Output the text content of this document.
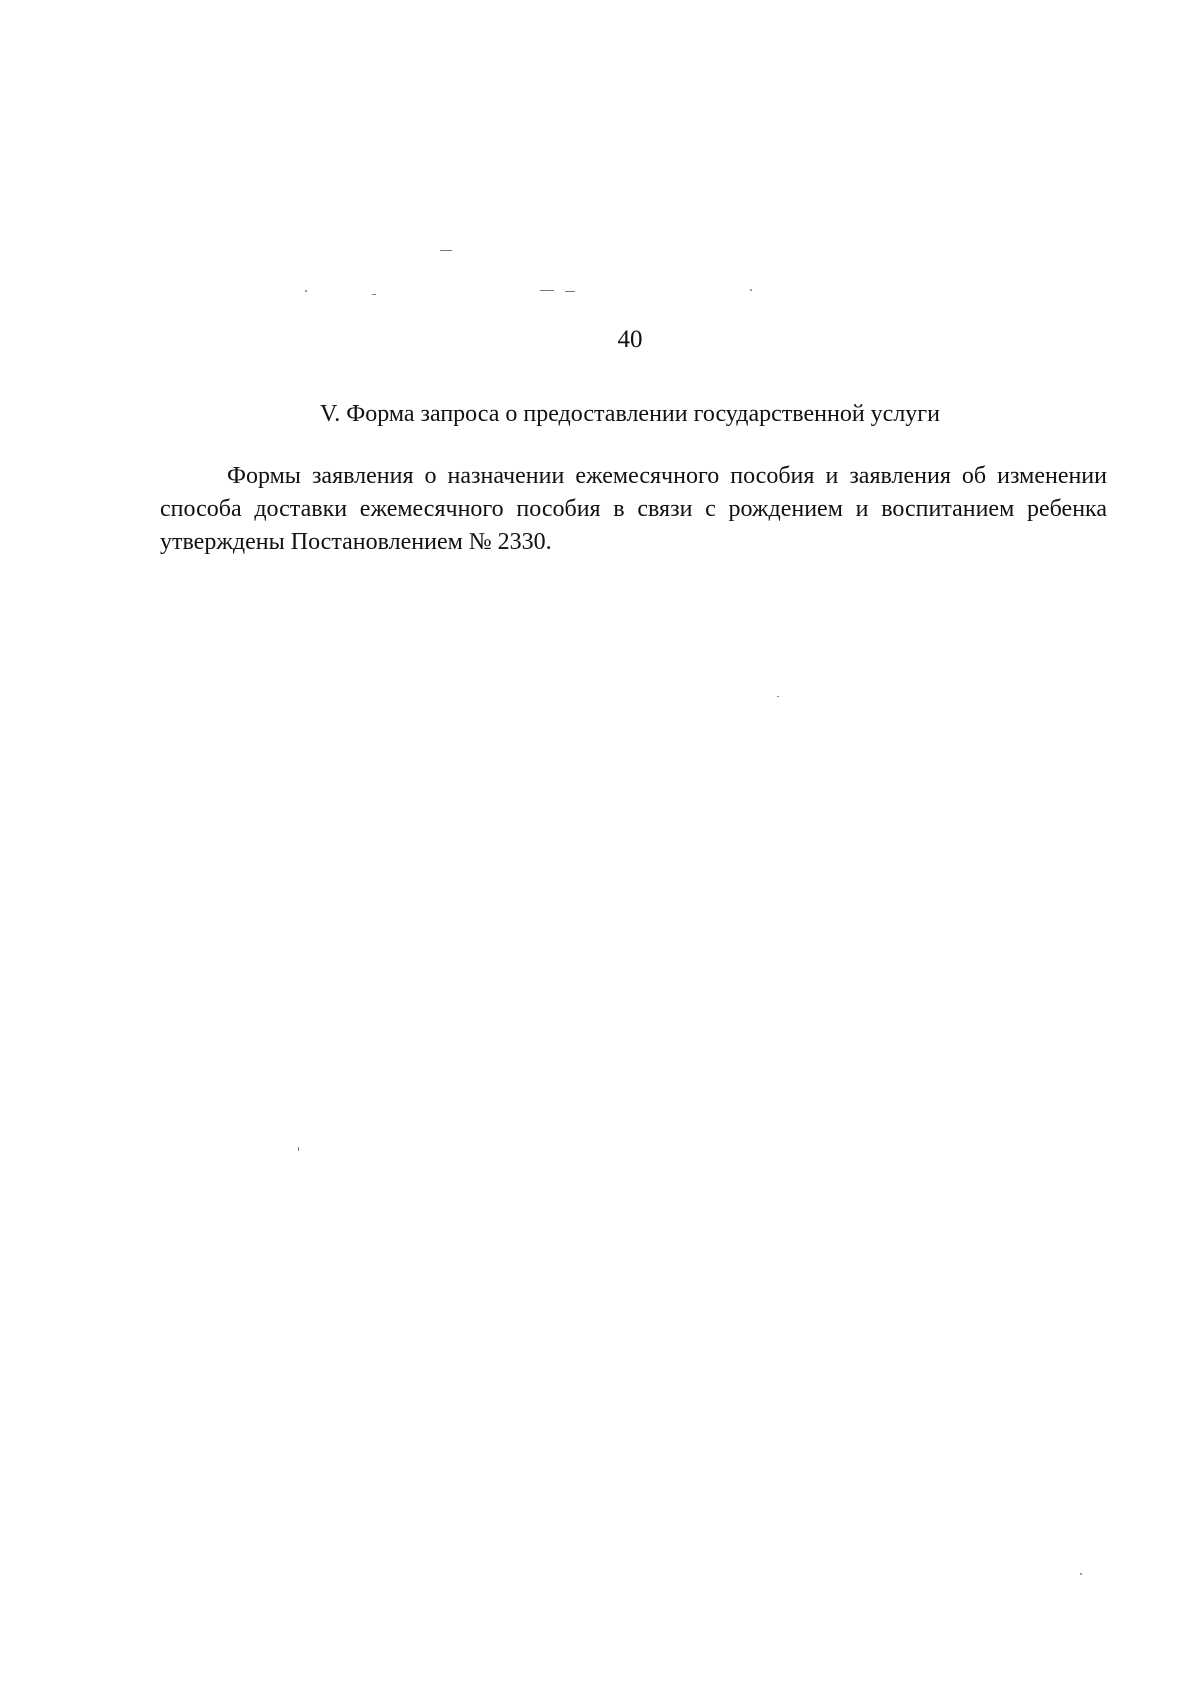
40
V. Форма запроса о предоставлении государственной услуги

Формы заявления о назначении ежемесячного пособия и заявления об изменении способа доставки ежемесячного пособия в связи с рождением и воспитанием ребенка утверждены Постановлением № 2330.
